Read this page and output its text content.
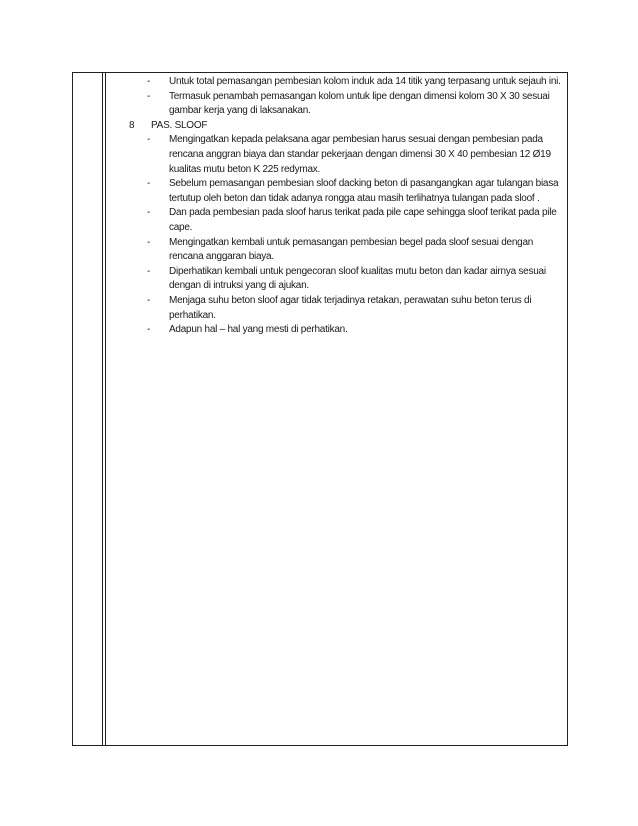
-	Untuk total pemasangan pembesian kolom induk ada 14 titik yang terpasang untuk sejauh ini.
-	Termasuk penambah pemasangan kolom untuk lipe dengan dimensi kolom 30 X 30 sesuai gambar kerja yang di laksanakan.
8	PAS. SLOOF
-	Mengingatkan kepada pelaksana agar pembesian harus sesuai dengan pembesian pada rencana anggran biaya dan standar pekerjaan dengan dimensi 30 X 40 pembesian 12 Ø19 kualitas mutu beton K 225 redymax.
-	Sebelum pemasangan pembesian sloof dacking beton di pasangangkan agar tulangan biasa tertutup oleh beton dan tidak adanya rongga atau masih terlihatnya tulangan pada sloof .
-	Dan pada pembesian pada sloof harus terikat pada pile cape sehingga sloof terikat pada pile cape.
-	Mengingatkan kembali untuk pemasangan pembesian begel pada sloof sesuai dengan rencana anggaran biaya.
-	Diperhatikan kembali untuk pengecoran sloof kualitas mutu beton dan kadar airnya sesuai dengan di intruksi yang di ajukan.
-	Menjaga suhu beton sloof agar tidak terjadinya retakan, perawatan suhu beton terus di perhatikan.
-	Adapun hal – hal yang mesti di perhatikan.
